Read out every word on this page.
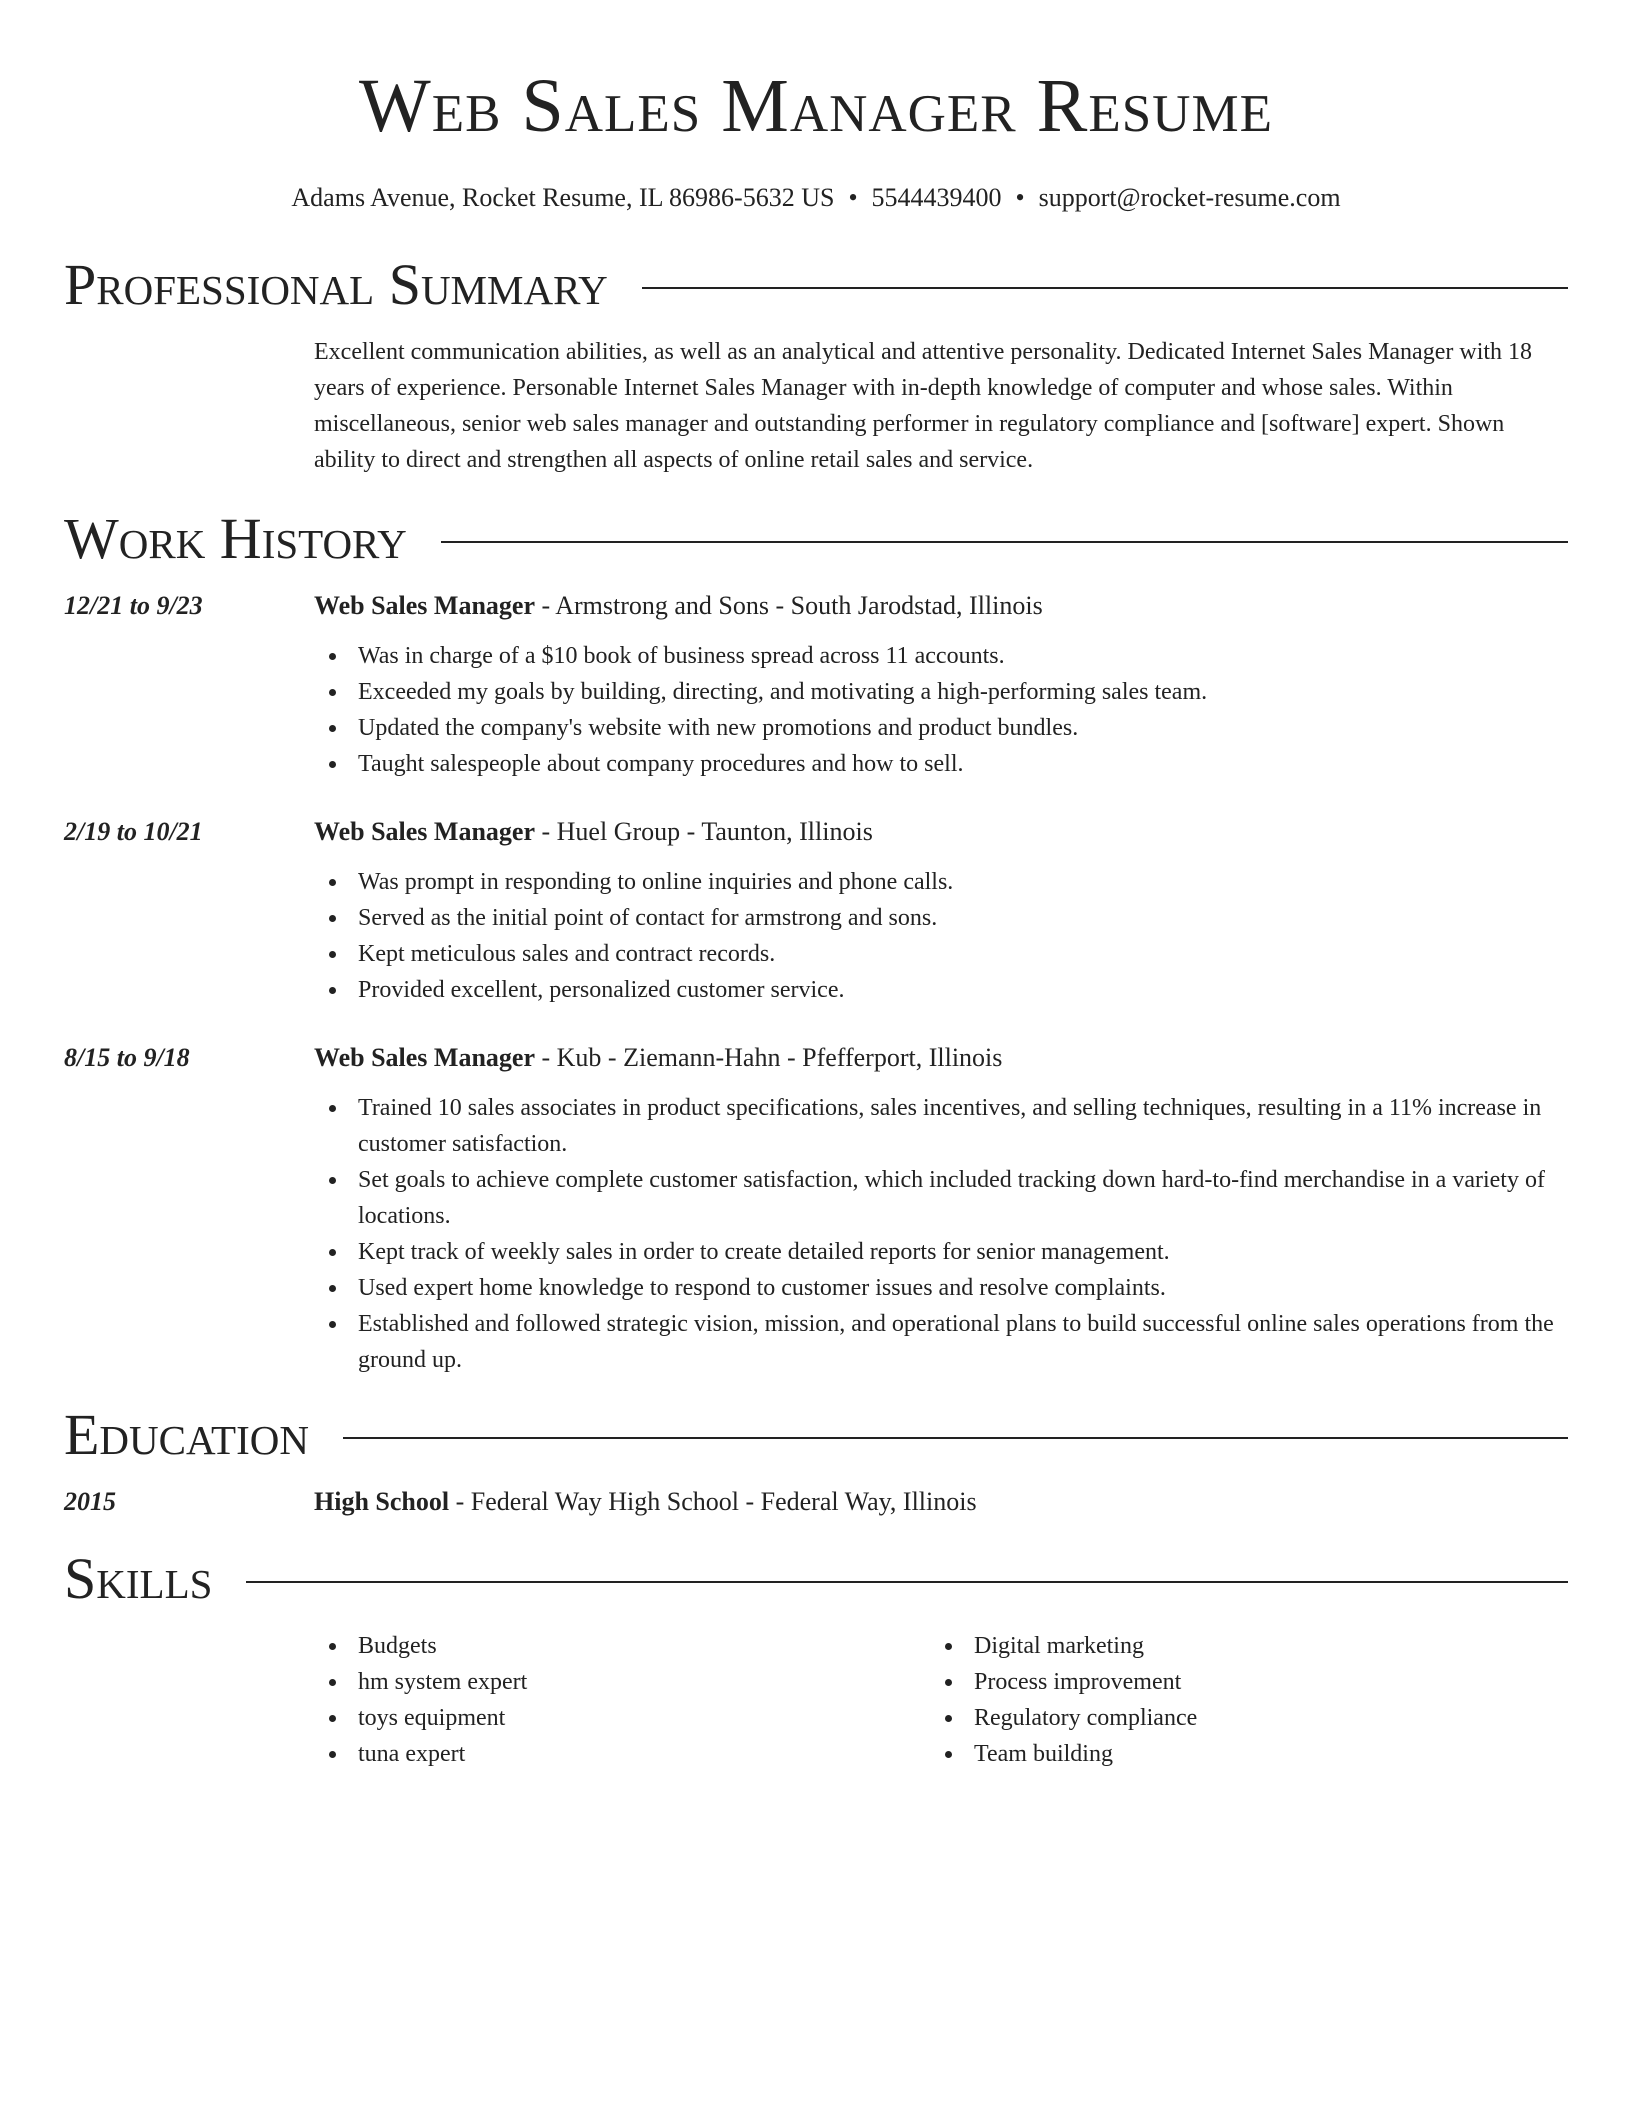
Web Sales Manager Resume
Adams Avenue, Rocket Resume, IL 86986-5632 US • 5544439400 • support@rocket-resume.com
Professional Summary
Excellent communication abilities, as well as an analytical and attentive personality. Dedicated Internet Sales Manager with 18 years of experience. Personable Internet Sales Manager with in-depth knowledge of computer and whose sales. Within miscellaneous, senior web sales manager and outstanding performer in regulatory compliance and [software] expert. Shown ability to direct and strengthen all aspects of online retail sales and service.
Work History
12/21 to 9/23	Web Sales Manager - Armstrong and Sons - South Jarodstad, Illinois
Was in charge of a $10 book of business spread across 11 accounts.
Exceeded my goals by building, directing, and motivating a high-performing sales team.
Updated the company's website with new promotions and product bundles.
Taught salespeople about company procedures and how to sell.
2/19 to 10/21	Web Sales Manager - Huel Group - Taunton, Illinois
Was prompt in responding to online inquiries and phone calls.
Served as the initial point of contact for armstrong and sons.
Kept meticulous sales and contract records.
Provided excellent, personalized customer service.
8/15 to 9/18	Web Sales Manager - Kub - Ziemann-Hahn - Pfefferport, Illinois
Trained 10 sales associates in product specifications, sales incentives, and selling techniques, resulting in a 11% increase in customer satisfaction.
Set goals to achieve complete customer satisfaction, which included tracking down hard-to-find merchandise in a variety of locations.
Kept track of weekly sales in order to create detailed reports for senior management.
Used expert home knowledge to respond to customer issues and resolve complaints.
Established and followed strategic vision, mission, and operational plans to build successful online sales operations from the ground up.
Education
2015	High School - Federal Way High School - Federal Way, Illinois
Skills
Budgets
hm system expert
toys equipment
tuna expert
Digital marketing
Process improvement
Regulatory compliance
Team building
